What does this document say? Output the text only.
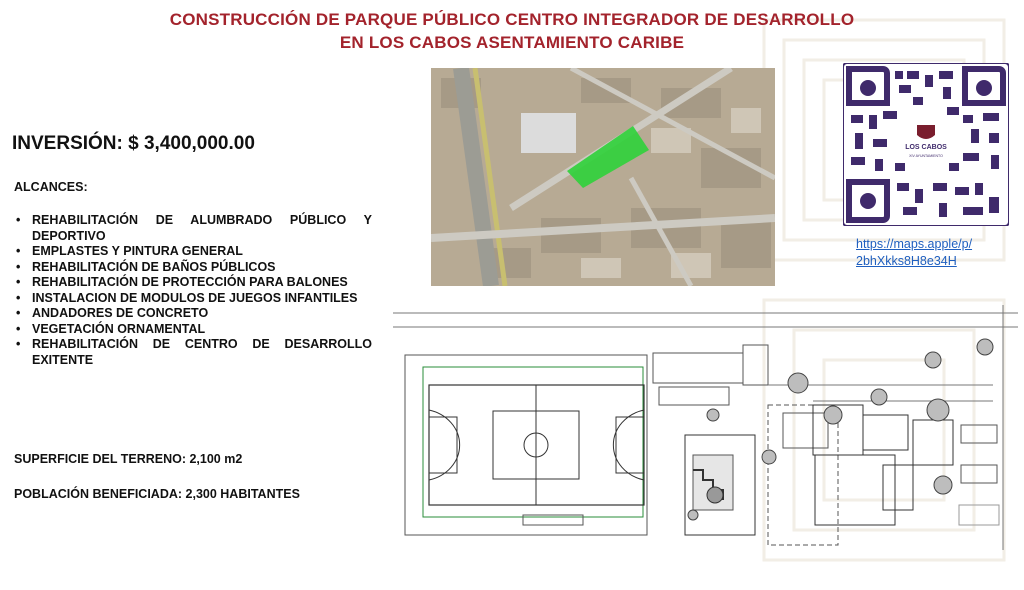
CONSTRUCCIÓN DE PARQUE PÚBLICO CENTRO INTEGRADOR DE DESARROLLO
EN LOS CABOS ASENTAMIENTO CARIBE
INVERSIÓN: $ 3,400,000.00
ALCANCES:
• REHABILITACIÓN DE ALUMBRADO PÚBLICO Y DEPORTIVO
• EMPLASTES Y PINTURA GENERAL
• REHABILITACIÓN DE BAÑOS PÚBLICOS
• REHABILITACIÓN DE PROTECCIÓN PARA BALONES
• INSTALACION DE MODULOS DE JUEGOS INFANTILES
• ANDADORES DE CONCRETO
• VEGETACIÓN ORNAMENTAL
• REHABILITACIÓN DE CENTRO DE DESARROLLO EXITENTE
SUPERFICIE DEL TERRENO: 2,100 m2
POBLACIÓN BENEFICIADA: 2,300 HABITANTES
LOS CABOS
XIV AYUNTAMIENTO
https://maps.apple/p/
2bhXkks8H8e34H
